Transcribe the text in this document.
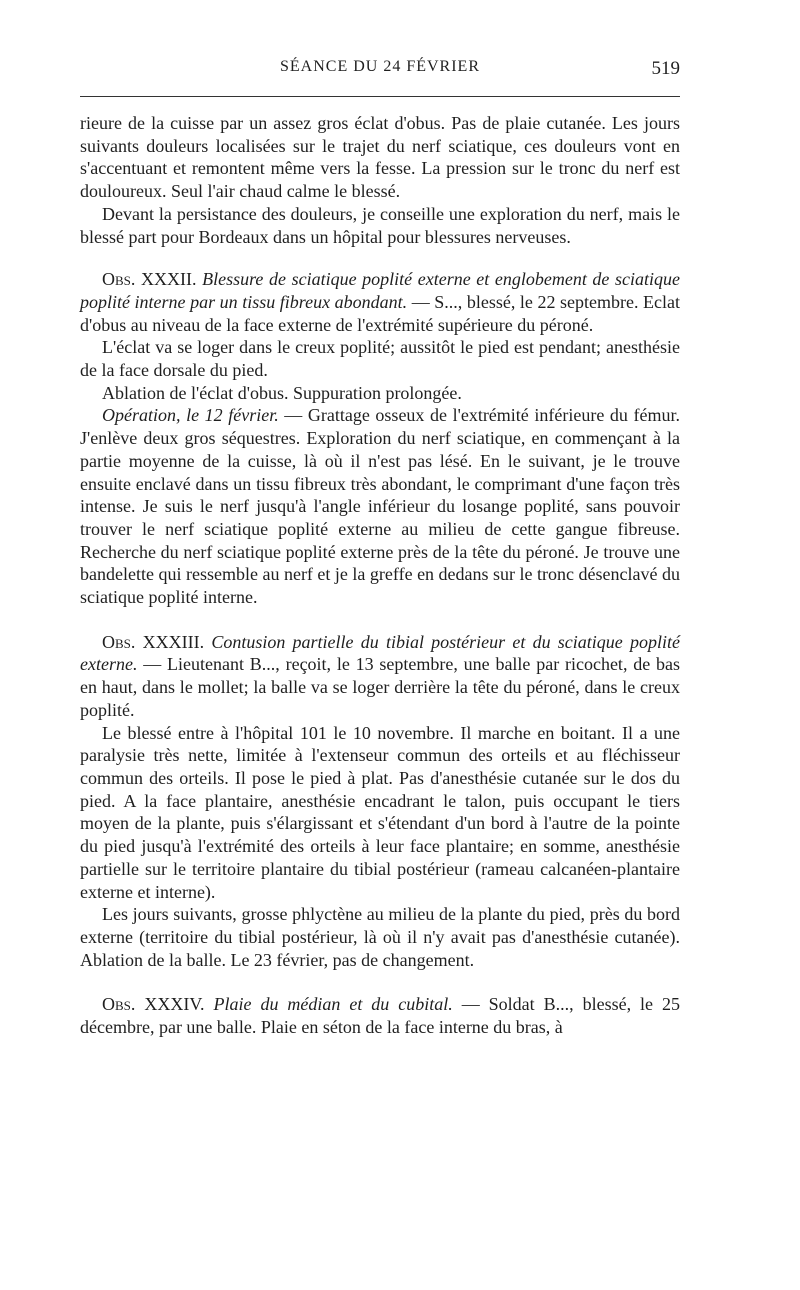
SÉANCE DU 24 FÉVRIER	519

rieure de la cuisse par un assez gros éclat d'obus. Pas de plaie cutanée. Les jours suivants douleurs localisées sur le trajet du nerf sciatique, ces douleurs vont en s'accentuant et remontent même vers la fesse. La pression sur le tronc du nerf est douloureux. Seul l'air chaud calme le blessé.

Devant la persistance des douleurs, je conseille une exploration du nerf, mais le blessé part pour Bordeaux dans un hôpital pour blessures nerveuses.

Obs. XXXII. Blessure de sciatique poplité externe et englobement de sciatique poplité interne par un tissu fibreux abondant. — S..., blessé, le 22 septembre. Eclat d'obus au niveau de la face externe de l'extrémité supérieure du péroné.

L'éclat va se loger dans le creux poplité; aussitôt le pied est pendant; anesthésie de la face dorsale du pied.

Ablation de l'éclat d'obus. Suppuration prolongée.

Opération, le 12 février. — Grattage osseux de l'extrémité inférieure du fémur. J'enlève deux gros séquestres. Exploration du nerf sciatique, en commençant à la partie moyenne de la cuisse, là où il n'est pas lésé. En le suivant, je le trouve ensuite enclavé dans un tissu fibreux très abondant, le comprimant d'une façon très intense. Je suis le nerf jusqu'à l'angle inférieur du losange poplité, sans pouvoir trouver le nerf sciatique poplité externe au milieu de cette gangue fibreuse. Recherche du nerf sciatique poplité externe près de la tête du péroné. Je trouve une bandelette qui ressemble au nerf et je la greffe en dedans sur le tronc désenclavé du sciatique poplité interne.

Obs. XXXIII. Contusion partielle du tibial postérieur et du sciatique poplité externe. — Lieutenant B..., reçoit, le 13 septembre, une balle par ricochet, de bas en haut, dans le mollet; la balle va se loger derrière la tête du péroné, dans le creux poplité.

Le blessé entre à l'hôpital 101 le 10 novembre. Il marche en boitant. Il a une paralysie très nette, limitée à l'extenseur commun des orteils et au fléchisseur commun des orteils. Il pose le pied à plat. Pas d'anesthésie cutanée sur le dos du pied. A la face plantaire, anesthésie encadrant le talon, puis occupant le tiers moyen de la plante, puis s'élargissant et s'étendant d'un bord à l'autre de la pointe du pied jusqu'à l'extrémité des orteils à leur face plantaire; en somme, anesthésie partielle sur le territoire plantaire du tibial postérieur (rameau calcanéen-plantaire externe et interne).

Les jours suivants, grosse phlyctène au milieu de la plante du pied, près du bord externe (territoire du tibial postérieur, là où il n'y avait pas d'anesthésie cutanée). Ablation de la balle. Le 23 février, pas de changement.

Obs. XXXIV. Plaie du médian et du cubital. — Soldat B..., blessé, le 25 décembre, par une balle. Plaie en séton de la face interne du bras, à
